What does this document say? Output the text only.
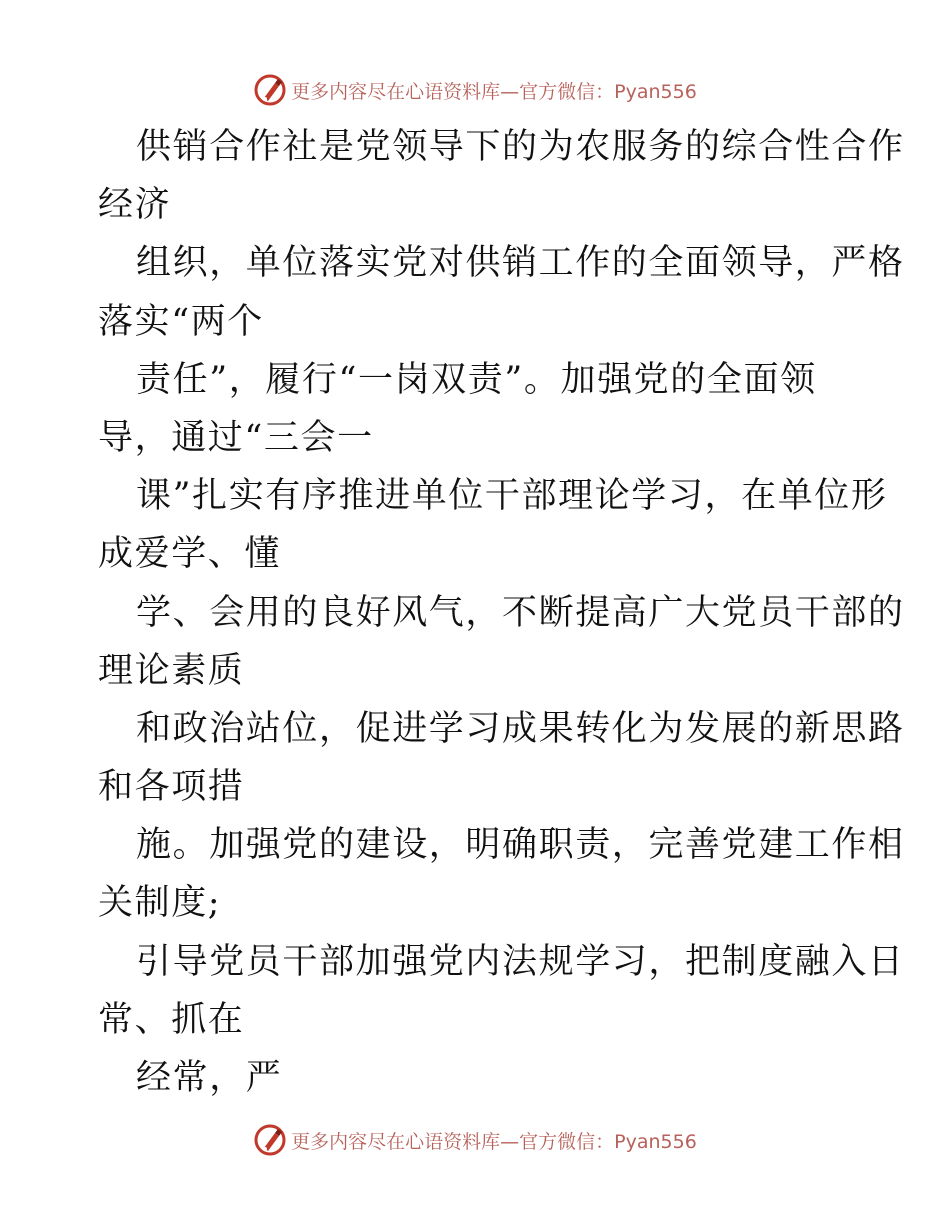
更多内容尽在心语资料库—官方微信：Pyan556
供销合作社是党领导下的为农服务的综合性合作
经济
组织，单位落实党对供销工作的全面领导，严格
落实“两个
责任”，履行“一岗双责”。加强党的全面领
导，通过“三会一
课”扎实有序推进单位干部理论学习，在单位形
成爱学、懂
学、会用的良好风气，不断提高广大党员干部的
理论素质
和政治站位，促进学习成果转化为发展的新思路
和各项措
施。加强党的建设，明确职责，完善党建工作相
关制度;
引导党员干部加强党内法规学习，把制度融入日
常、抓在
经常，严
更多内容尽在心语资料库—官方微信：Pyan556
